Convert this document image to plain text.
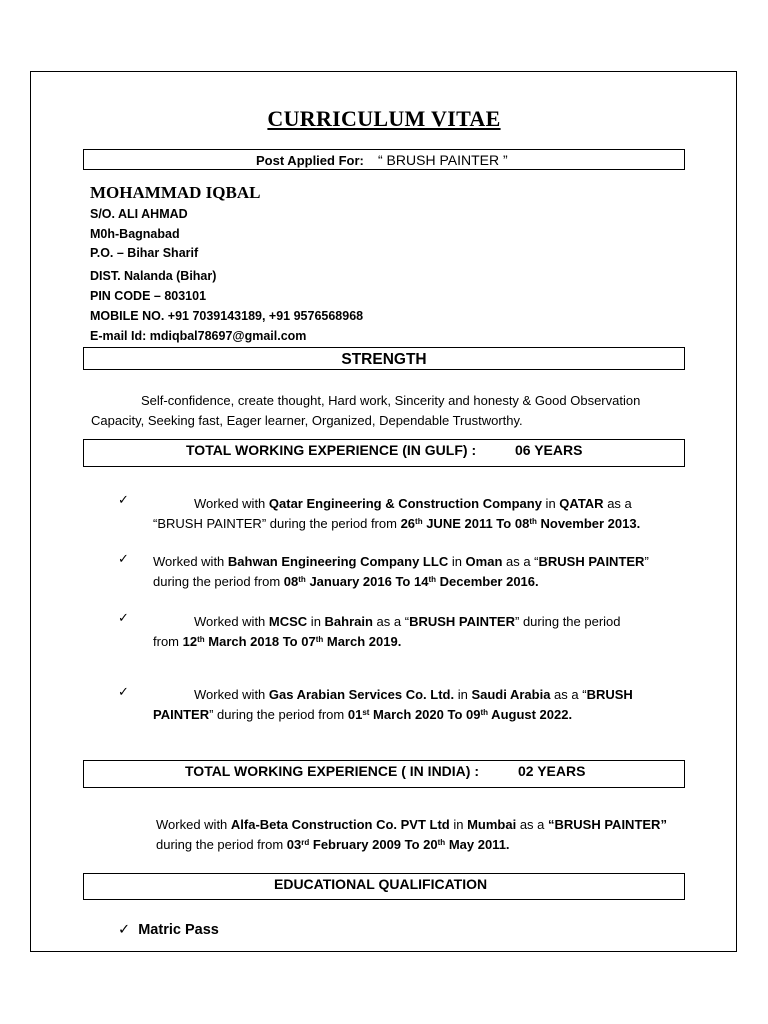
CURRICULUM VITAE
Post Applied For: “ BRUSH PAINTER ”
MOHAMMAD IQBAL
S/O. ALI AHMAD
M0h-Bagnabad
P.O. – Bihar Sharif
DIST. Nalanda (Bihar)
PIN CODE – 803101
MOBILE NO. +91 7039143189, +91 9576568968
E-mail Id: mdiqbal78697@gmail.com
STRENGTH
Self-confidence, create thought, Hard work, Sincerity and honesty & Good Observation
Capacity, Seeking fast, Eager learner, Organized, Dependable Trustworthy.
TOTAL WORKING EXPERIENCE (IN GULF) :	06 YEARS
✓	Worked with Qatar Engineering & Construction Company in QATAR as a
“BRUSH PAINTER” during the period from 26th JUNE 2011 To 08th November 2013.
✓ Worked with Bahwan Engineering Company LLC in Oman as a “BRUSH PAINTER”
during the period from 08th January 2016 To 14th December 2016.
✓	Worked with MCSC in Bahrain as a “BRUSH PAINTER” during the period
from 12th March 2018 To 07th March 2019.
✓	Worked with Gas Arabian Services Co. Ltd. in Saudi Arabia as a “BRUSH
PAINTER” during the period from 01st March 2020 To 09th August 2022.
TOTAL WORKING EXPERIENCE ( IN INDIA) :	02 YEARS
Worked with Alfa-Beta Construction Co. PVT Ltd in Mumbai as a “BRUSH PAINTER”
during the period from 03rd February 2009 To 20th May 2011.
EDUCATIONAL QUALIFICATION
✓ Matric Pass
